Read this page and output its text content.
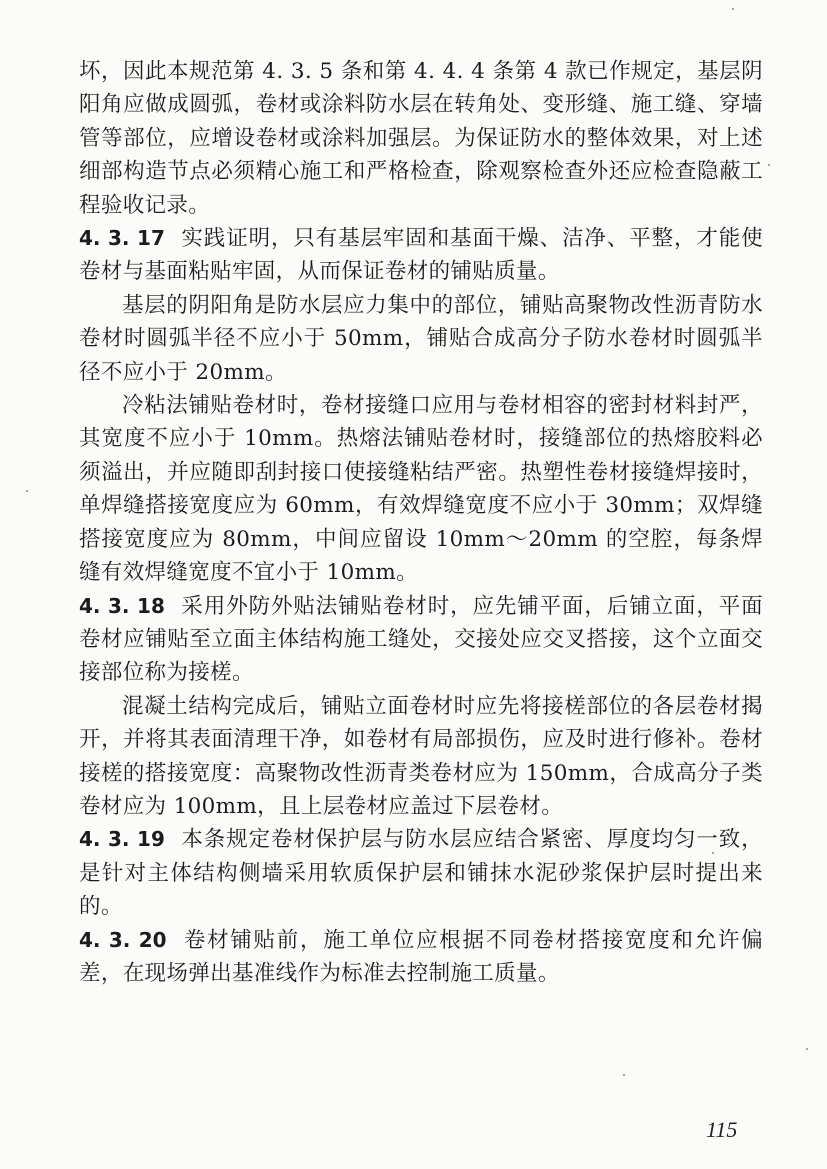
坏，因此本规范第 4. 3. 5 条和第 4. 4. 4 条第 4 款已作规定，基层阴阳角应做成圆弧，卷材或涂料防水层在转角处、变形缝、施工缝、穿墙管等部位，应增设卷材或涂料加强层。为保证防水的整体效果，对上述细部构造节点必须精心施工和严格检查，除观察检查外还应检查隐蔽工程验收记录。

4. 3. 17 实践证明，只有基层牢固和基面干燥、洁净、平整，才能使卷材与基面粘贴牢固，从而保证卷材的铺贴质量。

基层的阴阳角是防水层应力集中的部位，铺贴高聚物改性沥青防水卷材时圆弧半径不应小于 50mm，铺贴合成高分子防水卷材时圆弧半径不应小于 20mm。

冷粘法铺贴卷材时，卷材接缝口应用与卷材相容的密封材料封严，其宽度不应小于 10mm。热熔法铺贴卷材时，接缝部位的热熔胶料必须溢出，并应随即刮封接口使接缝粘结严密。热塑性卷材接缝焊接时，单焊缝搭接宽度应为 60mm，有效焊缝宽度不应小于 30mm；双焊缝搭接宽度应为 80mm，中间应留设 10mm～20mm 的空腔，每条焊缝有效焊缝宽度不宜小于 10mm。

4. 3. 18 采用外防外贴法铺贴卷材时，应先铺平面，后铺立面，平面卷材应铺贴至立面主体结构施工缝处，交接处应交叉搭接，这个立面交接部位称为接槎。

混凝土结构完成后，铺贴立面卷材时应先将接槎部位的各层卷材揭开，并将其表面清理干净，如卷材有局部损伤，应及时进行修补。卷材接槎的搭接宽度：高聚物改性沥青类卷材应为 150mm，合成高分子类卷材应为 100mm，且上层卷材应盖过下层卷材。

4. 3. 19 本条规定卷材保护层与防水层应结合紧密、厚度均匀一致，是针对主体结构侧墙采用软质保护层和铺抹水泥砂浆保护层时提出来的。

4. 3. 20 卷材铺贴前，施工单位应根据不同卷材搭接宽度和允许偏差，在现场弹出基准线作为标准去控制施工质量。

115
